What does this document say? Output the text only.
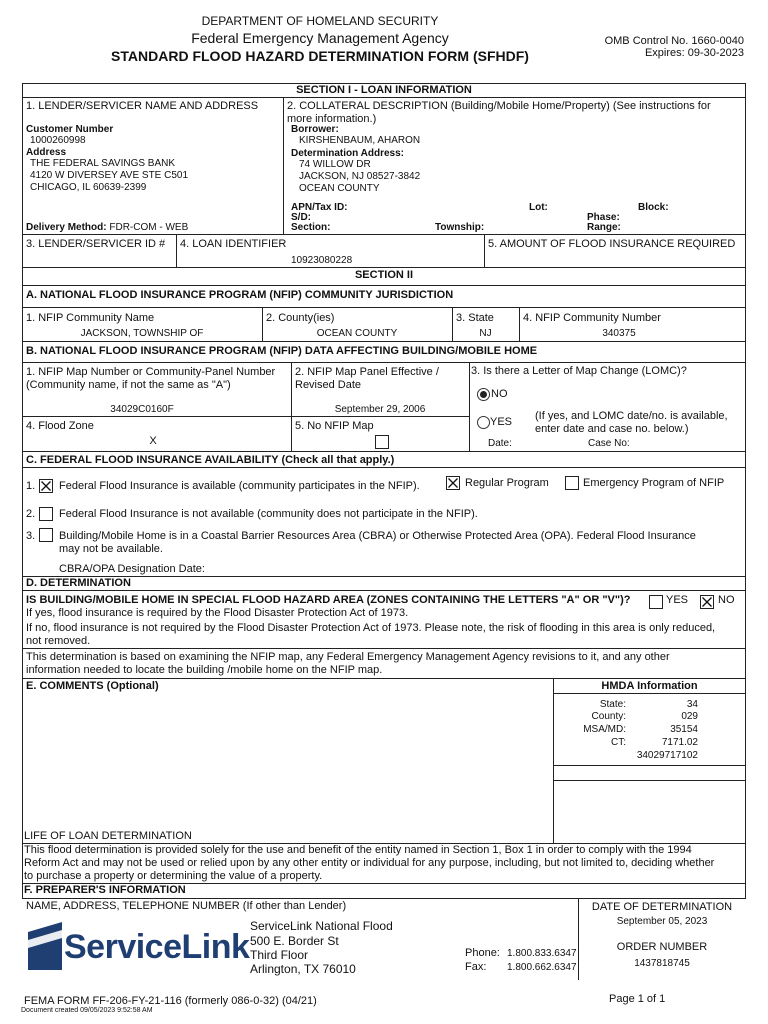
DEPARTMENT OF HOMELAND SECURITY
Federal Emergency Management Agency
STANDARD FLOOD HAZARD DETERMINATION FORM (SFHDF)
OMB Control No. 1660-0040
Expires: 09-30-2023
SECTION I - LOAN INFORMATION
1. LENDER/SERVICER NAME AND ADDRESS
Customer Number
1000260998
Address
THE FEDERAL SAVINGS BANK
4120 W DIVERSEY AVE STE C501
CHICAGO, IL 60639-2399
Delivery Method: FDR-COM - WEB
2. COLLATERAL DESCRIPTION (Building/Mobile Home/Property) (See instructions for
more information.)
Borrower:
KIRSHENBAUM, AHARON
Determination Address:
74 WILLOW DR
JACKSON, NJ 08527-3842
OCEAN COUNTY
APN/Tax ID:	Lot:	Block:
S/D:	Phase:
Section:	Township:	Range:
3. LENDER/SERVICER ID # 4. LOAN IDENTIFIER
10923080228
5. AMOUNT OF FLOOD INSURANCE REQUIRED
SECTION II
A. NATIONAL FLOOD INSURANCE PROGRAM (NFIP) COMMUNITY JURISDICTION
1. NFIP Community Name
JACKSON, TOWNSHIP OF
2. County(ies)
OCEAN COUNTY
3. State
NJ
4. NFIP Community Number
340375
B. NATIONAL FLOOD INSURANCE PROGRAM (NFIP) DATA AFFECTING BUILDING/MOBILE HOME
1. NFIP Map Number or Community-Panel Number
(Community name, if not the same as "A")
34029C0160F
2. NFIP Map Panel Effective /
Revised Date
September 29, 2006
3. Is there a Letter of Map Change (LOMC)?
NO
YES (If yes, and LOMC date/no. is available,
enter date and case no. below.)
Date:	Case No:
4. Flood Zone
X
5. No NFIP Map
C. FEDERAL FLOOD INSURANCE AVAILABILITY (Check all that apply.)
1. Federal Flood Insurance is available (community participates in the NFIP).	Regular Program	Emergency Program of NFIP
2. Federal Flood Insurance is not available (community does not participate in the NFIP).
3. Building/Mobile Home is in a Coastal Barrier Resources Area (CBRA) or Otherwise Protected Area (OPA). Federal Flood Insurance
may not be available.
CBRA/OPA Designation Date:
D. DETERMINATION
IS BUILDING/MOBILE HOME IN SPECIAL FLOOD HAZARD AREA (ZONES CONTAINING THE LETTERS "A" OR "V")?	YES	NO
If yes, flood insurance is required by the Flood Disaster Protection Act of 1973.
If no, flood insurance is not required by the Flood Disaster Protection Act of 1973. Please note, the risk of flooding in this area is only reduced,
not removed.
This determination is based on examining the NFIP map, any Federal Emergency Management Agency revisions to it, and any other
information needed to locate the building /mobile home on the NFIP map.
E. COMMENTS (Optional)	HMDA Information
State:	34
County:	029
MSA/MD:	35154
CT:	7171.02
34029717102
LIFE OF LOAN DETERMINATION
This flood determination is provided solely for the use and benefit of the entity named in Section 1, Box 1 in order to comply with the 1994
Reform Act and may not be used or relied upon by any other entity or individual for any purpose, including, but not limited to, deciding whether
to purchase a property or determining the value of a property.
F. PREPARER'S INFORMATION
NAME, ADDRESS, TELEPHONE NUMBER (If other than Lender)
ServiceLink
ServiceLink National Flood
500 E. Border St
Third Floor
Arlington, TX 76010
Phone: 1.800.833.6347
Fax: 1.800.662.6347
DATE OF DETERMINATION
September 05, 2023
ORDER NUMBER
1437818745
FEMA FORM FF-206-FY-21-116 (formerly 086-0-32) (04/21)
Document created 09/05/2023 9:52:58 AM
Page 1 of 1
